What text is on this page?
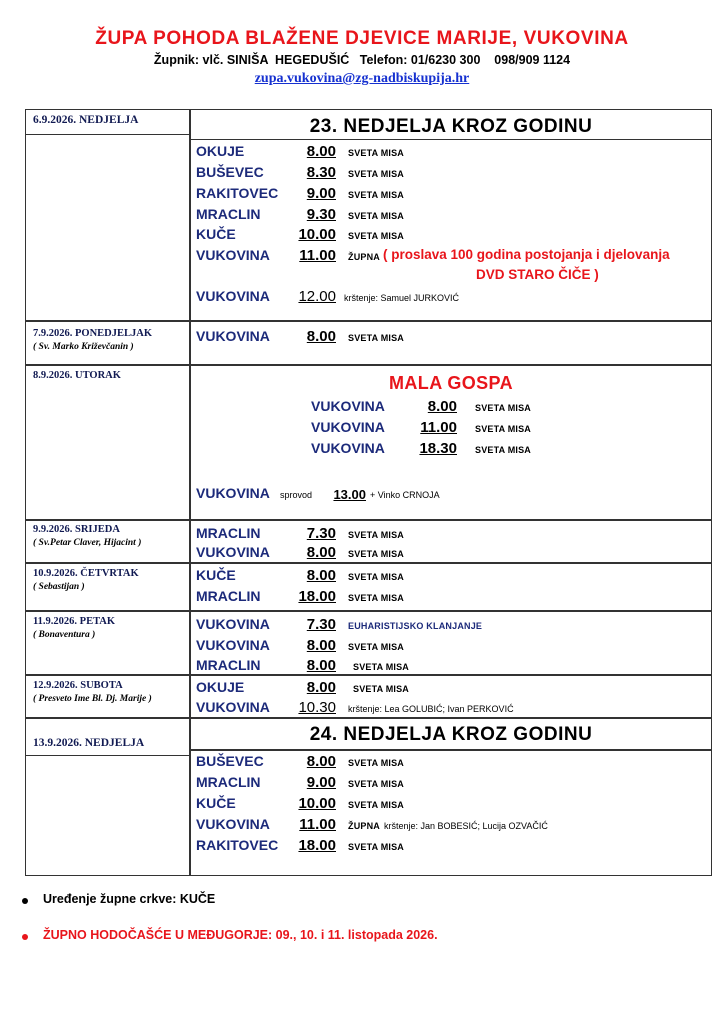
ŽUPA POHODA BLAŽENE DJEVICE MARIJE, VUKOVINA
Župnik: vlč. SINIŠA  HEGEDUŠIĆ   Telefon: 01/6230 300    098/909 1124
zupa.vukovina@zg-nadbiskupija.hr
6.9.2026. NEDJELJA	23. NEDJELJA KROZ GODINU
OKUJE	8.00 SVETA MISA
BUŠEVEC	8.30 SVETA MISA
RAKITOVEC	9.00 SVETA MISA
MRACLIN	9.30 SVETA MISA
KUČE	10.00 SVETA MISA
VUKOVINA	11.00 ŽUPNA ( proslava 100 godina postojanja i djelovanja
DVD STARO ČIČE )
VUKOVINA	12.00 krštenje: Samuel JURKOVIĆ
7.9.2026. PONEDJELJAK
( Sv. Marko Križevčanin )
VUKOVINA	8.00 SVETA MISA
8.9.2026. UTORAK	MALA GOSPA
VUKOVINA	8.00 SVETA MISA
VUKOVINA	11.00 SVETA MISA
VUKOVINA	18.30 SVETA MISA
VUKOVINA sprovod	13.00 + Vinko CRNOJA
9.9.2026. SRIJEDA
( Sv.Petar Claver, Hijacint )
MRACLIN	7.30 SVETA MISA
VUKOVINA	8.00 SVETA MISA
10.9.2026. ČETVRTAK
( Sebastijan )
KUČE	8.00 SVETA MISA
MRACLIN	18.00 SVETA MISA
11.9.2026. PETAK
( Bonaventura )
VUKOVINA	7.30 EUHARISTIJSKO KLANJANJE
VUKOVINA	8.00 SVETA MISA
MRACLIN	8.00 SVETA MISA
12.9.2026. SUBOTA
( Presveto Ime Bl. Dj. Marije )
OKUJE	8.00 SVETA MISA
VUKOVINA	10.30 krštenje: Lea GOLUBIĆ; Ivan PERKOVIĆ
13.9.2026. NEDJELJA	24. NEDJELJA KROZ GODINU
BUŠEVEC	8.00 SVETA MISA
MRACLIN	9.00 SVETA MISA
KUČE	10.00 SVETA MISA
VUKOVINA	11.00 ŽUPNA krštenje: Jan BOBESIĆ; Lucija OZVAČIĆ
RAKITOVEC	18.00 SVETA MISA
Uređenje župne crkve: KUČE
ŽUPNO HODOČAŠĆE U MEĐUGORJE: 09., 10. i 11. listopada 2026.
